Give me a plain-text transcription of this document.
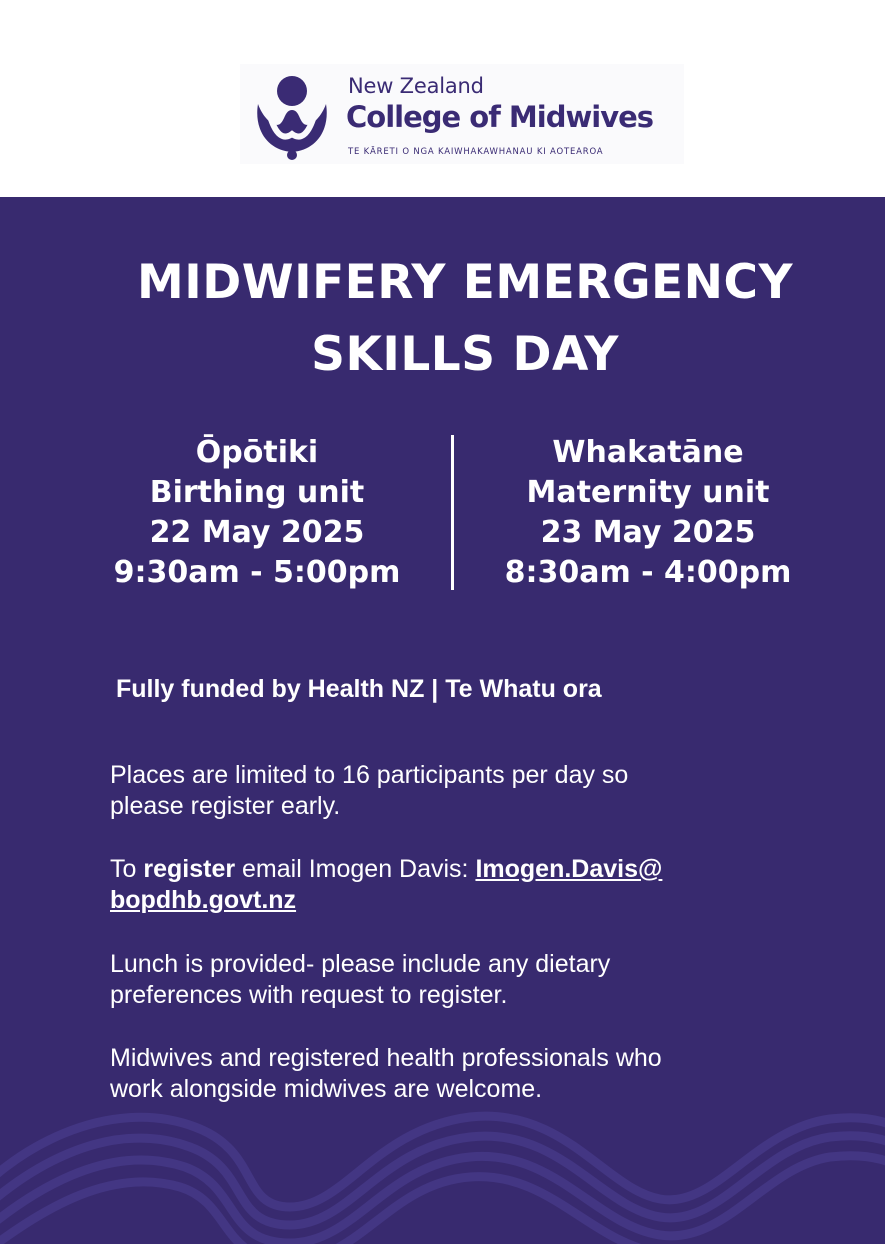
New Zealand
College of Midwives
TE KĀRETI O NGA KAIWHAKAWHANAU KI AOTEAROA
MIDWIFERY EMERGENCY
SKILLS DAY
Ōpōtiki
Birthing unit
22 May 2025
9:30am - 5:00pm
Whakatāne
Maternity unit
23 May 2025
8:30am - 4:00pm
Fully funded by Health NZ | Te Whatu ora

Places are limited to 16 participants per day so

please register early.

To register email Imogen Davis: Imogen.Davis@

bopdhb.govt.nz

Lunch is provided- please include any dietary

preferences with request to register.

Midwives and registered health professionals who

work alongside midwives are welcome.
